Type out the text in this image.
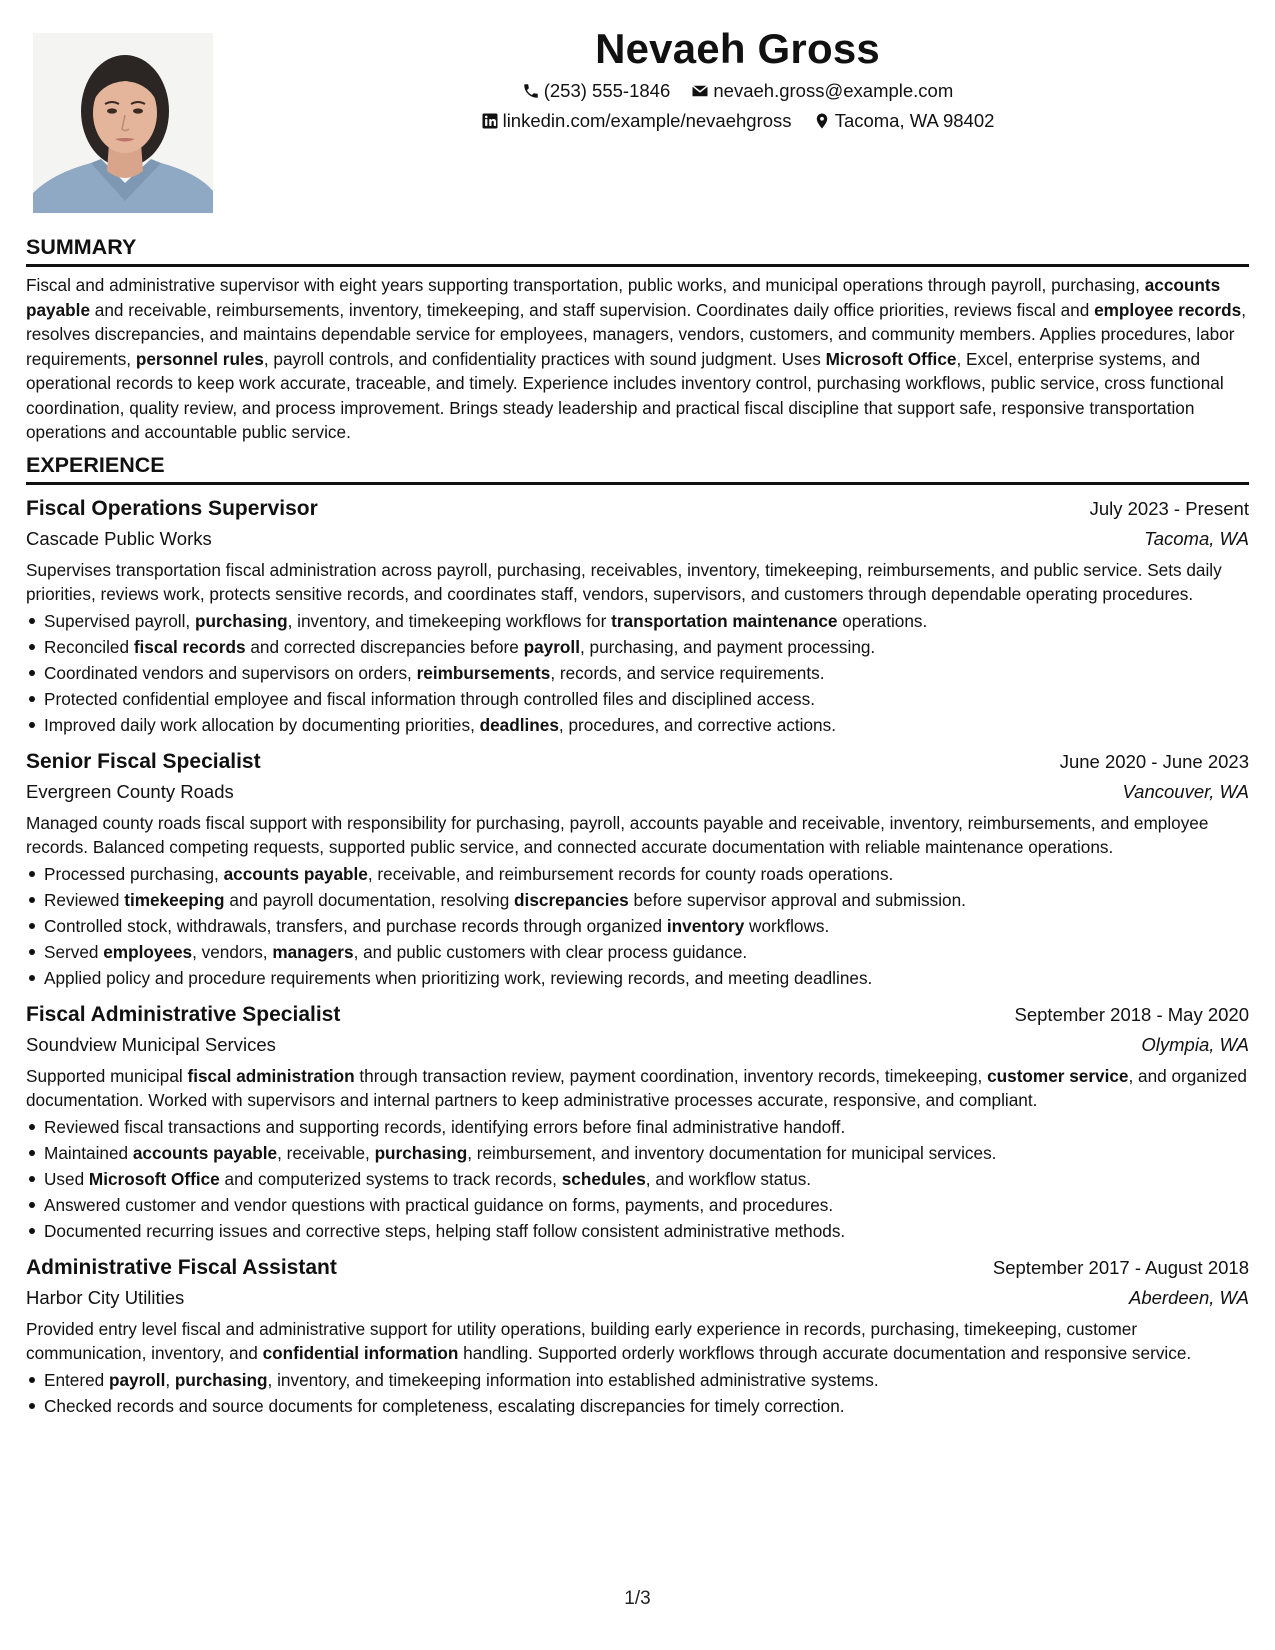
Nevaeh Gross
(253) 555-1846 nevaeh.gross@example.com
linkedin.com/example/nevaehgross Tacoma, WA 98402
SUMMARY
Fiscal and administrative supervisor with eight years supporting transportation, public works, and municipal operations through payroll, purchasing, accounts payable and receivable, reimbursements, inventory, timekeeping, and staff supervision. Coordinates daily office priorities, reviews fiscal and employee records, resolves discrepancies, and maintains dependable service for employees, managers, vendors, customers, and community members. Applies procedures, labor requirements, personnel rules, payroll controls, and confidentiality practices with sound judgment. Uses Microsoft Office, Excel, enterprise systems, and operational records to keep work accurate, traceable, and timely. Experience includes inventory control, purchasing workflows, public service, cross functional coordination, quality review, and process improvement. Brings steady leadership and practical fiscal discipline that support safe, responsive transportation operations and accountable public service.
EXPERIENCE
Fiscal Operations Supervisor	July 2023 - Present
Cascade Public Works	Tacoma, WA
Supervises transportation fiscal administration across payroll, purchasing, receivables, inventory, timekeeping, reimbursements, and public service. Sets daily priorities, reviews work, protects sensitive records, and coordinates staff, vendors, supervisors, and customers through dependable operating procedures.
Supervised payroll, purchasing, inventory, and timekeeping workflows for transportation maintenance operations.
Reconciled fiscal records and corrected discrepancies before payroll, purchasing, and payment processing.
Coordinated vendors and supervisors on orders, reimbursements, records, and service requirements.
Protected confidential employee and fiscal information through controlled files and disciplined access.
Improved daily work allocation by documenting priorities, deadlines, procedures, and corrective actions.
Senior Fiscal Specialist	June 2020 - June 2023
Evergreen County Roads	Vancouver, WA
Managed county roads fiscal support with responsibility for purchasing, payroll, accounts payable and receivable, inventory, reimbursements, and employee records. Balanced competing requests, supported public service, and connected accurate documentation with reliable maintenance operations.
Processed purchasing, accounts payable, receivable, and reimbursement records for county roads operations.
Reviewed timekeeping and payroll documentation, resolving discrepancies before supervisor approval and submission.
Controlled stock, withdrawals, transfers, and purchase records through organized inventory workflows.
Served employees, vendors, managers, and public customers with clear process guidance.
Applied policy and procedure requirements when prioritizing work, reviewing records, and meeting deadlines.
Fiscal Administrative Specialist	September 2018 - May 2020
Soundview Municipal Services	Olympia, WA
Supported municipal fiscal administration through transaction review, payment coordination, inventory records, timekeeping, customer service, and organized documentation. Worked with supervisors and internal partners to keep administrative processes accurate, responsive, and compliant.
Reviewed fiscal transactions and supporting records, identifying errors before final administrative handoff.
Maintained accounts payable, receivable, purchasing, reimbursement, and inventory documentation for municipal services.
Used Microsoft Office and computerized systems to track records, schedules, and workflow status.
Answered customer and vendor questions with practical guidance on forms, payments, and procedures.
Documented recurring issues and corrective steps, helping staff follow consistent administrative methods.
Administrative Fiscal Assistant	September 2017 - August 2018
Harbor City Utilities	Aberdeen, WA
Provided entry level fiscal and administrative support for utility operations, building early experience in records, purchasing, timekeeping, customer communication, inventory, and confidential information handling. Supported orderly workflows through accurate documentation and responsive service.
Entered payroll, purchasing, inventory, and timekeeping information into established administrative systems.
Checked records and source documents for completeness, escalating discrepancies for timely correction.
1/3
